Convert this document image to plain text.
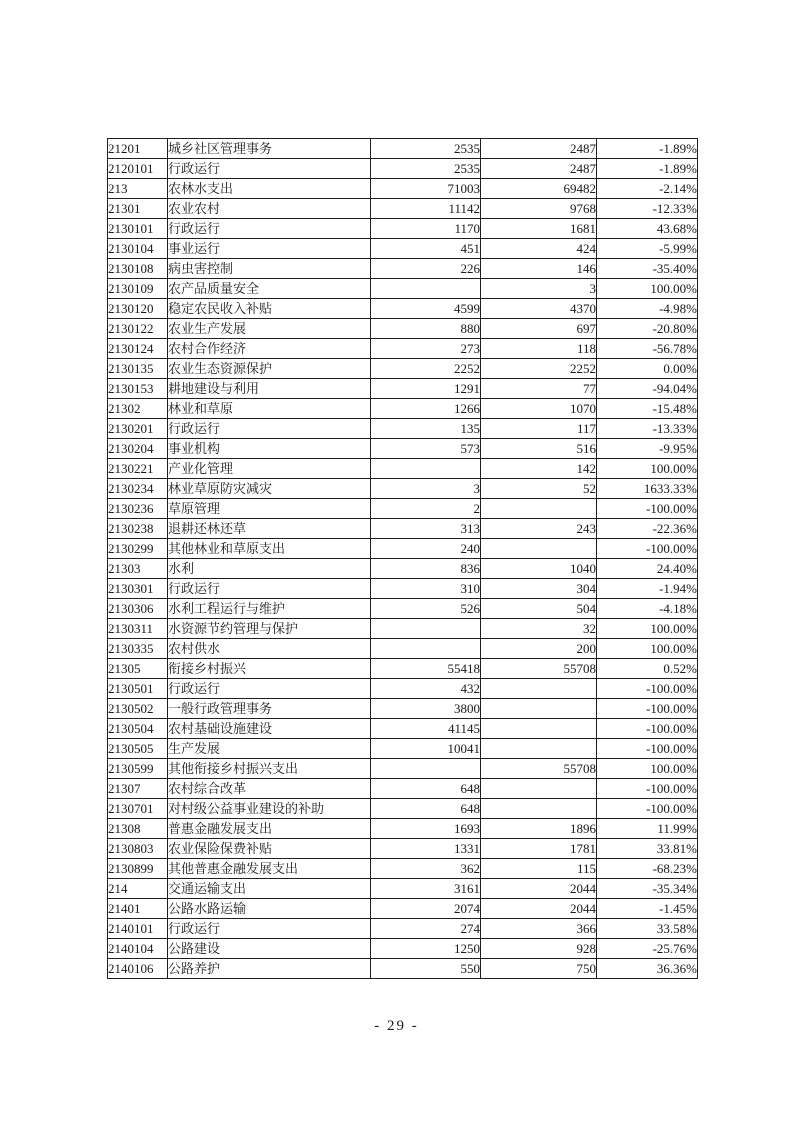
21201	城乡社区管理事务	2535	2487	-1.89%
2120101	行政运行	2535	2487	-1.89%
213	农林水支出	71003	69482	-2.14%
21301	农业农村	11142	9768	-12.33%
2130101	行政运行	1170	1681	43.68%
2130104	事业运行	451	424	-5.99%
2130108	病虫害控制	226	146	-35.40%
2130109	农产品质量安全		3	100.00%
2130120	稳定农民收入补贴	4599	4370	-4.98%
2130122	农业生产发展	880	697	-20.80%
2130124	农村合作经济	273	118	-56.78%
2130135	农业生态资源保护	2252	2252	0.00%
2130153	耕地建设与利用	1291	77	-94.04%
21302	林业和草原	1266	1070	-15.48%
2130201	行政运行	135	117	-13.33%
2130204	事业机构	573	516	-9.95%
2130221	产业化管理		142	100.00%
2130234	林业草原防灾减灾	3	52	1633.33%
2130236	草原管理	2		-100.00%
2130238	退耕还林还草	313	243	-22.36%
2130299	其他林业和草原支出	240		-100.00%
21303	水利	836	1040	24.40%
2130301	行政运行	310	304	-1.94%
2130306	水利工程运行与维护	526	504	-4.18%
2130311	水资源节约管理与保护		32	100.00%
2130335	农村供水		200	100.00%
21305	衔接乡村振兴	55418	55708	0.52%
2130501	行政运行	432		-100.00%
2130502	一般行政管理事务	3800		-100.00%
2130504	农村基础设施建设	41145		-100.00%
2130505	生产发展	10041		-100.00%
2130599	其他衔接乡村振兴支出		55708	100.00%
21307	农村综合改革	648		-100.00%
2130701	对村级公益事业建设的补助	648		-100.00%
21308	普惠金融发展支出	1693	1896	11.99%
2130803	农业保险保费补贴	1331	1781	33.81%
2130899	其他普惠金融发展支出	362	115	-68.23%
214	交通运输支出	3161	2044	-35.34%
21401	公路水路运输	2074	2044	-1.45%
2140101	行政运行	274	366	33.58%
2140104	公路建设	1250	928	-25.76%
2140106	公路养护	550	750	36.36%
- 29 -
